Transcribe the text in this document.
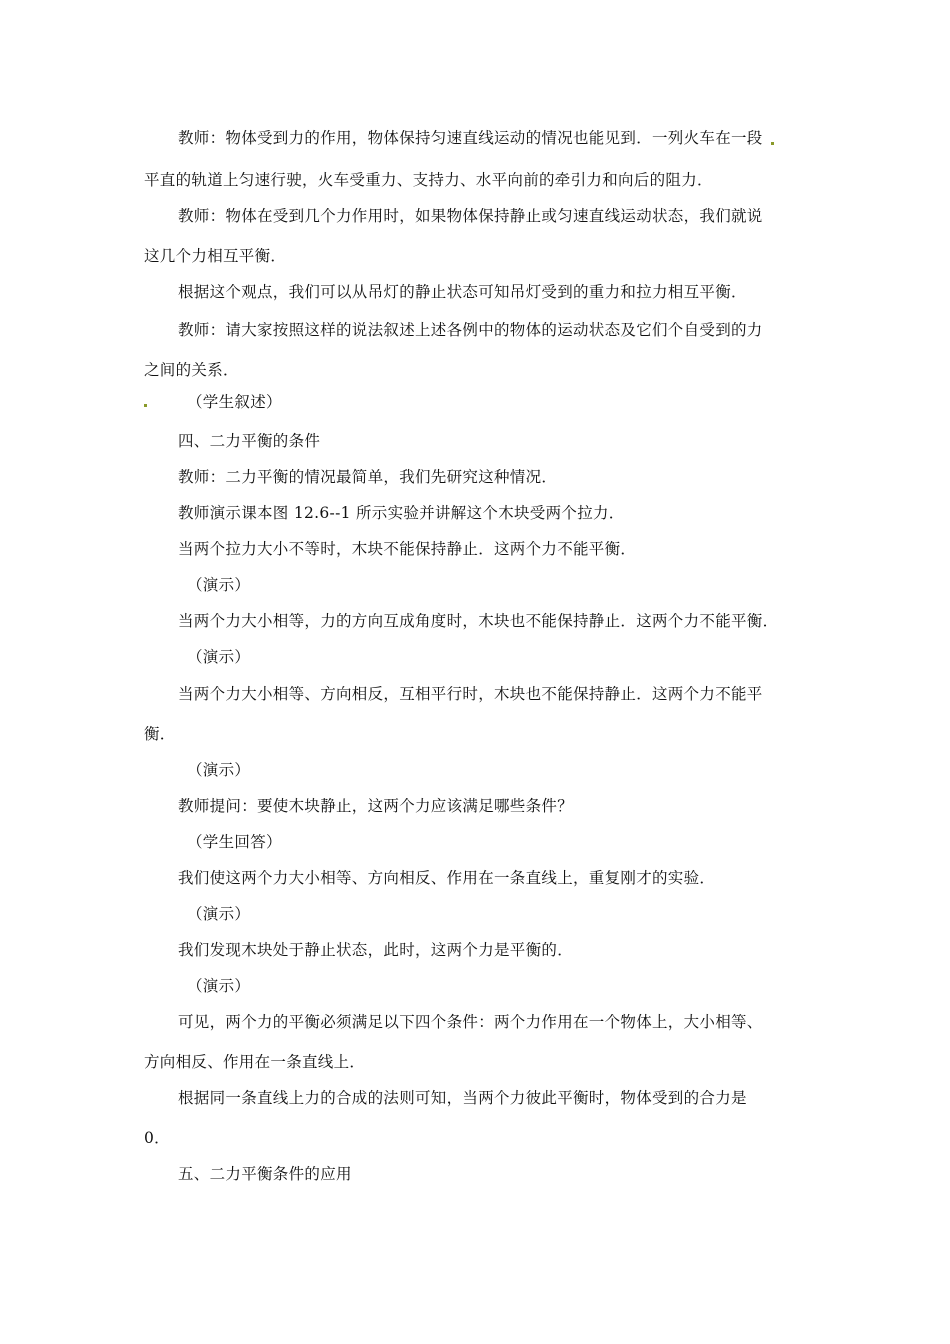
教师：物体受到力的作用，物体保持匀速直线运动的情况也能见到．一列火车在一段
平直的轨道上匀速行驶，火车受重力、支持力、水平向前的牵引力和向后的阻力．
教师：物体在受到几个力作用时，如果物体保持静止或匀速直线运动状态，我们就说
这几个力相互平衡．
根据这个观点，我们可以从吊灯的静止状态可知吊灯受到的重力和拉力相互平衡．
教师：请大家按照这样的说法叙述上述各例中的物体的运动状态及它们个自受到的力
之间的关系．
（学生叙述）
四、二力平衡的条件
教师：二力平衡的情况最简单，我们先研究这种情况．
教师演示课本图 12.6--1 所示实验并讲解这个木块受两个拉力．
当两个拉力大小不等时，木块不能保持静止．这两个力不能平衡．
（演示）
当两个力大小相等，力的方向互成角度时，木块也不能保持静止．这两个力不能平衡．
（演示）
当两个力大小相等、方向相反，互相平行时，木块也不能保持静止．这两个力不能平
衡．
（演示）
教师提问：要使木块静止，这两个力应该满足哪些条件？
（学生回答）
我们使这两个力大小相等、方向相反、作用在一条直线上，重复刚才的实验．
（演示）
我们发现木块处于静止状态，此时，这两个力是平衡的．
（演示）
可见，两个力的平衡必须满足以下四个条件：两个力作用在一个物体上，大小相等、
方向相反、作用在一条直线上．
根据同一条直线上力的合成的法则可知，当两个力彼此平衡时，物体受到的合力是
0．
五、二力平衡条件的应用
